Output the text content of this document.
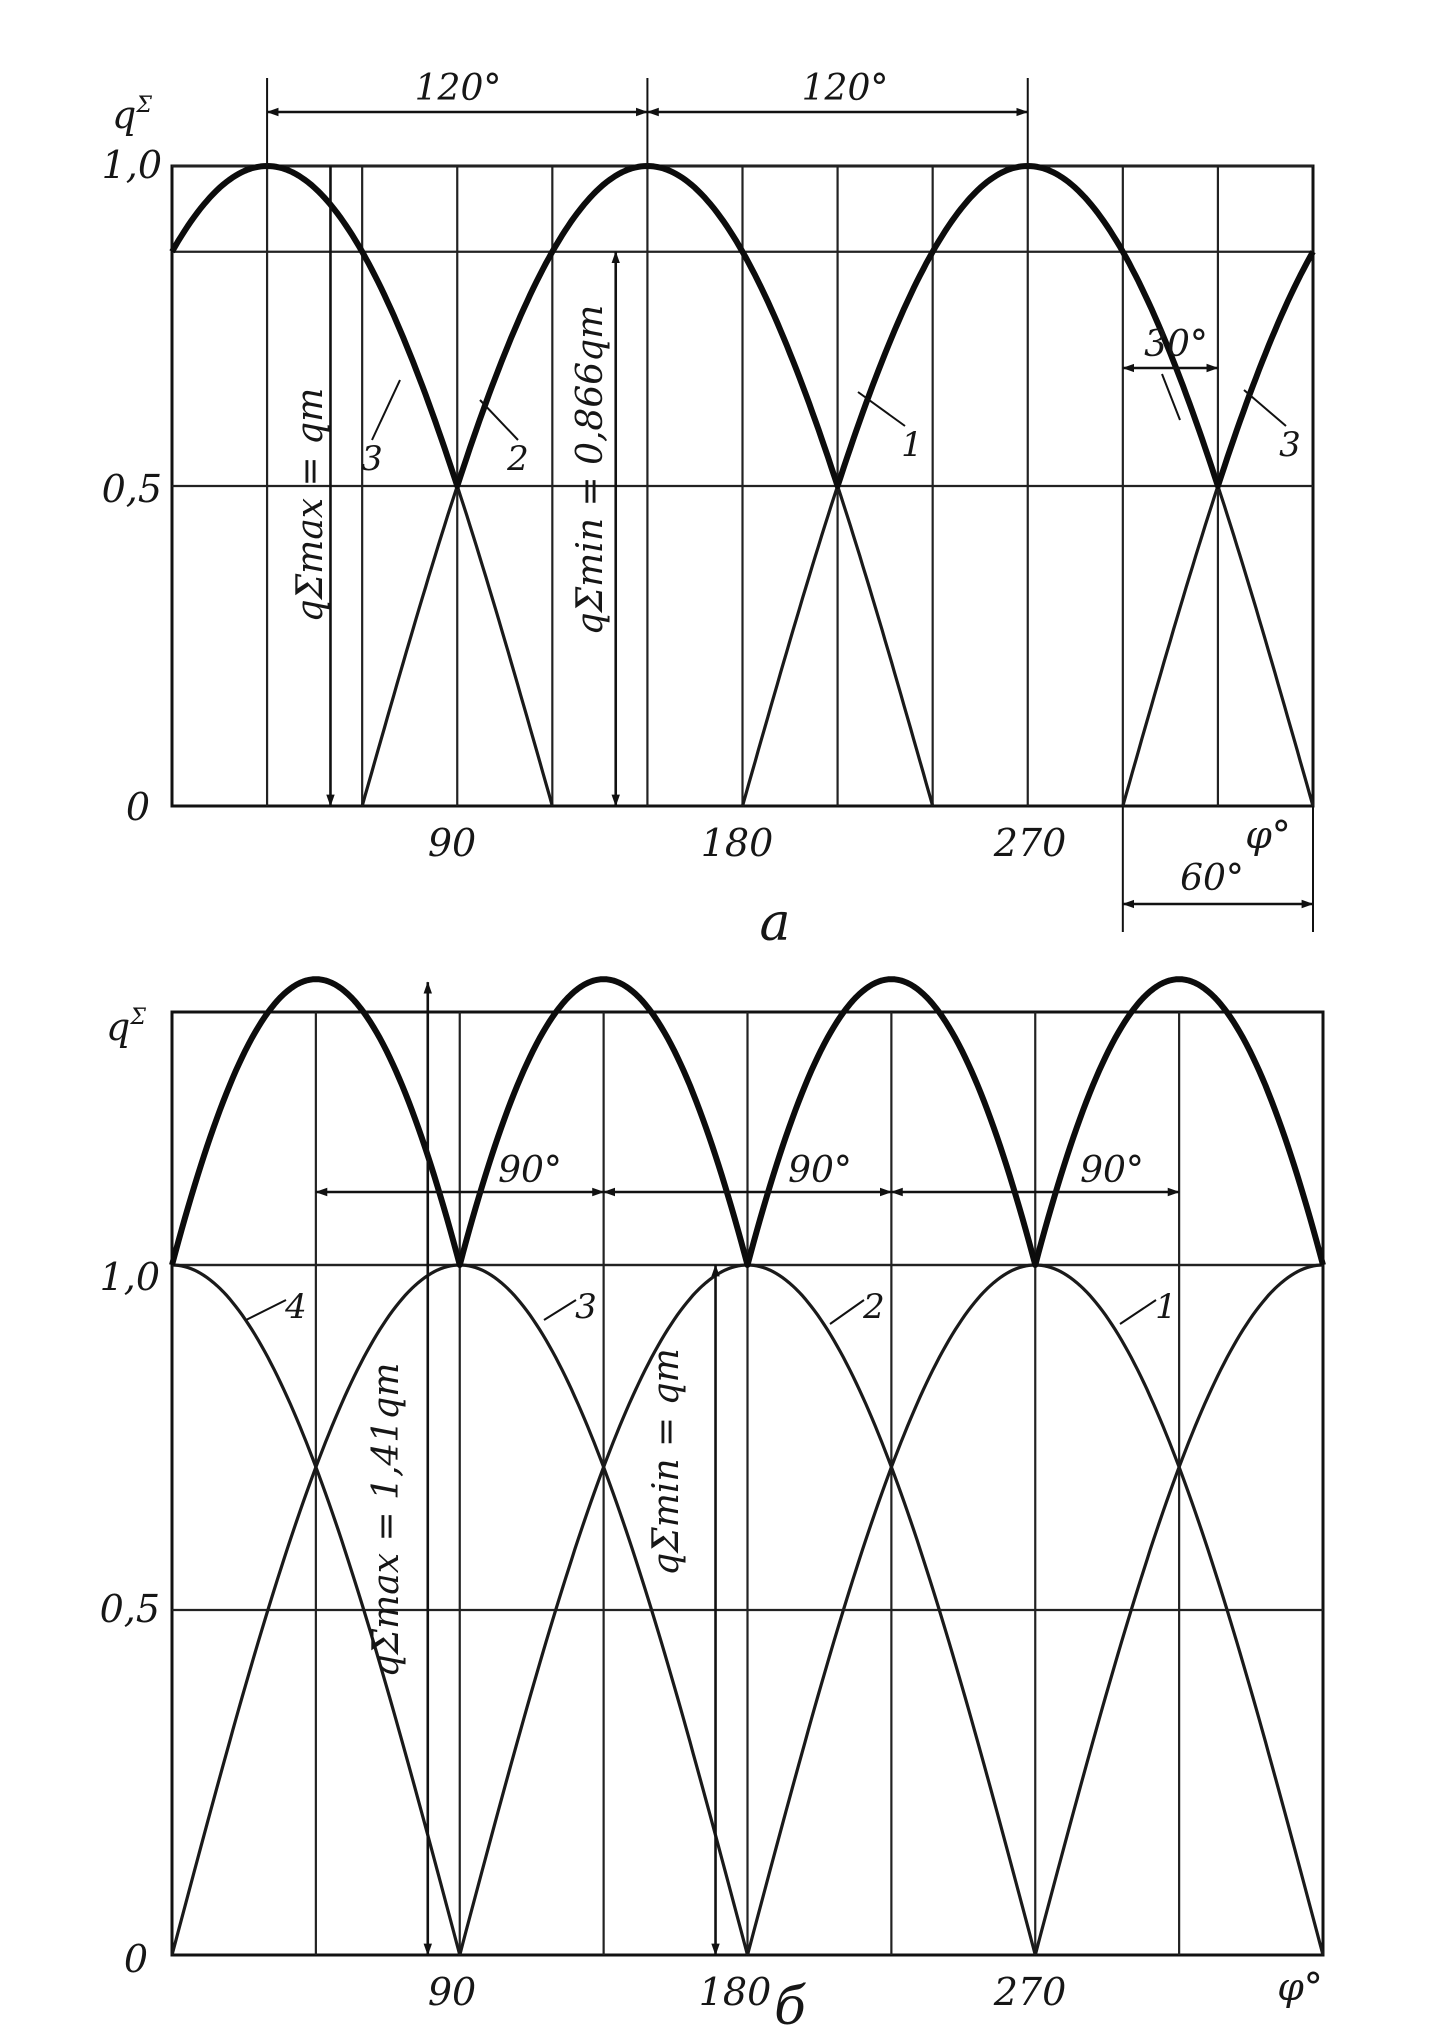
$q^\Sigma$
1,0
0,5
0
90	180	270	φ°
а
120°	120°
30°
60°
qΣmax = qm	qΣmin = 0,866qm
3	2	1	3
$q^\Sigma$
1,0
0,5
0
90	180	270	φ°
б
90°	90°	90°
qΣmax = 1,41qm	qΣmin = qm
4	3	2	1
